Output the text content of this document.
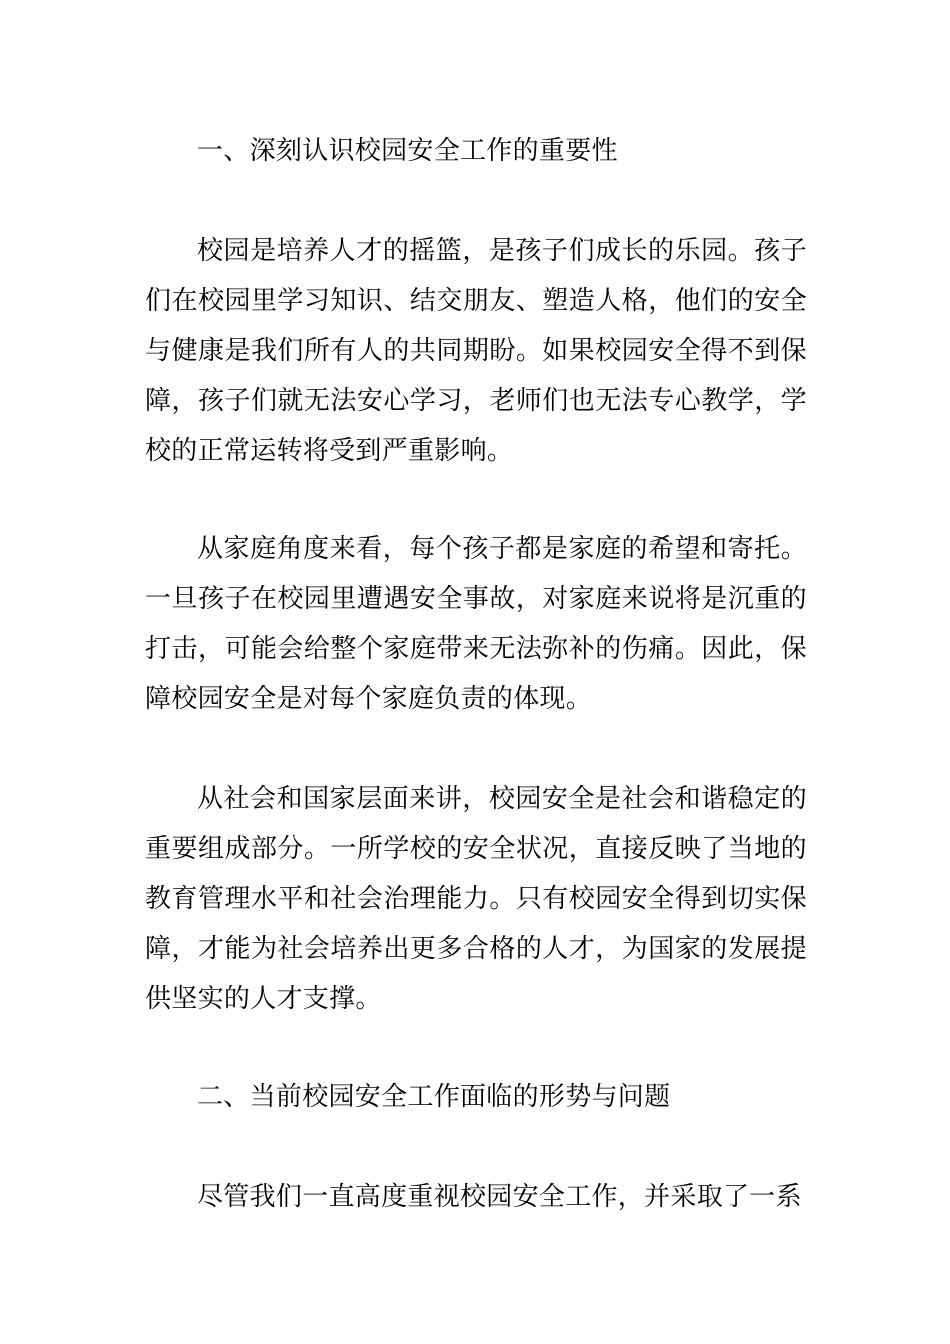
一、深刻认识校园安全工作的重要性

校园是培养人才的摇篮，是孩子们成长的乐园。孩子们在校园里学习知识、结交朋友、塑造人格，他们的安全与健康是我们所有人的共同期盼。如果校园安全得不到保障，孩子们就无法安心学习，老师们也无法专心教学，学校的正常运转将受到严重影响。

从家庭角度来看，每个孩子都是家庭的希望和寄托。一旦孩子在校园里遭遇安全事故，对家庭来说将是沉重的打击，可能会给整个家庭带来无法弥补的伤痛。因此，保障校园安全是对每个家庭负责的体现。

从社会和国家层面来讲，校园安全是社会和谐稳定的重要组成部分。一所学校的安全状况，直接反映了当地的教育管理水平和社会治理能力。只有校园安全得到切实保障，才能为社会培养出更多合格的人才，为国家的发展提供坚实的人才支撑。

二、当前校园安全工作面临的形势与问题

尽管我们一直高度重视校园安全工作，并采取了一系
